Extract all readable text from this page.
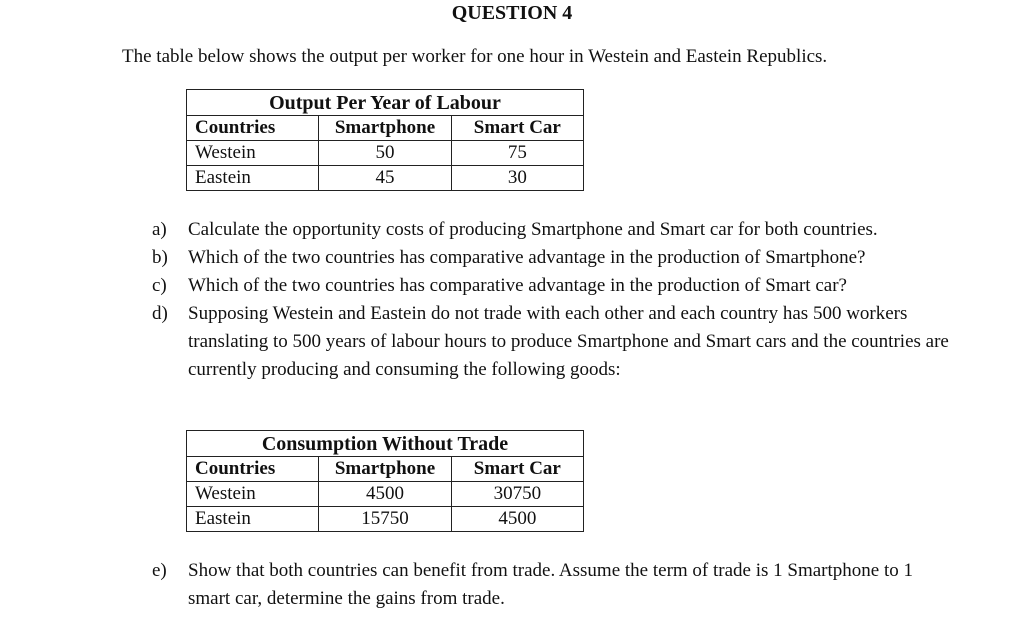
QUESTION 4
The table below shows the output per worker for one hour in Westein and Eastein Republics.
Output Per Year of Labour		
Countries	Smartphone	Smart Car
Westein	50	75
Eastein	45	30
a) Calculate the opportunity costs of producing Smartphone and Smart car for both countries.
b) Which of the two countries has comparative advantage in the production of Smartphone?
c) Which of the two countries has comparative advantage in the production of Smart car?
d) Supposing Westein and Eastein do not trade with each other and each country has 500 workers translating to 500 years of labour hours to produce Smartphone and Smart cars and the countries are currently producing and consuming the following goods:
Consumption Without Trade		
Countries	Smartphone	Smart Car
Westein	4500	30750
Eastein	15750	4500
e) Show that both countries can benefit from trade. Assume the term of trade is 1 Smartphone to 1 smart car, determine the gains from trade.
